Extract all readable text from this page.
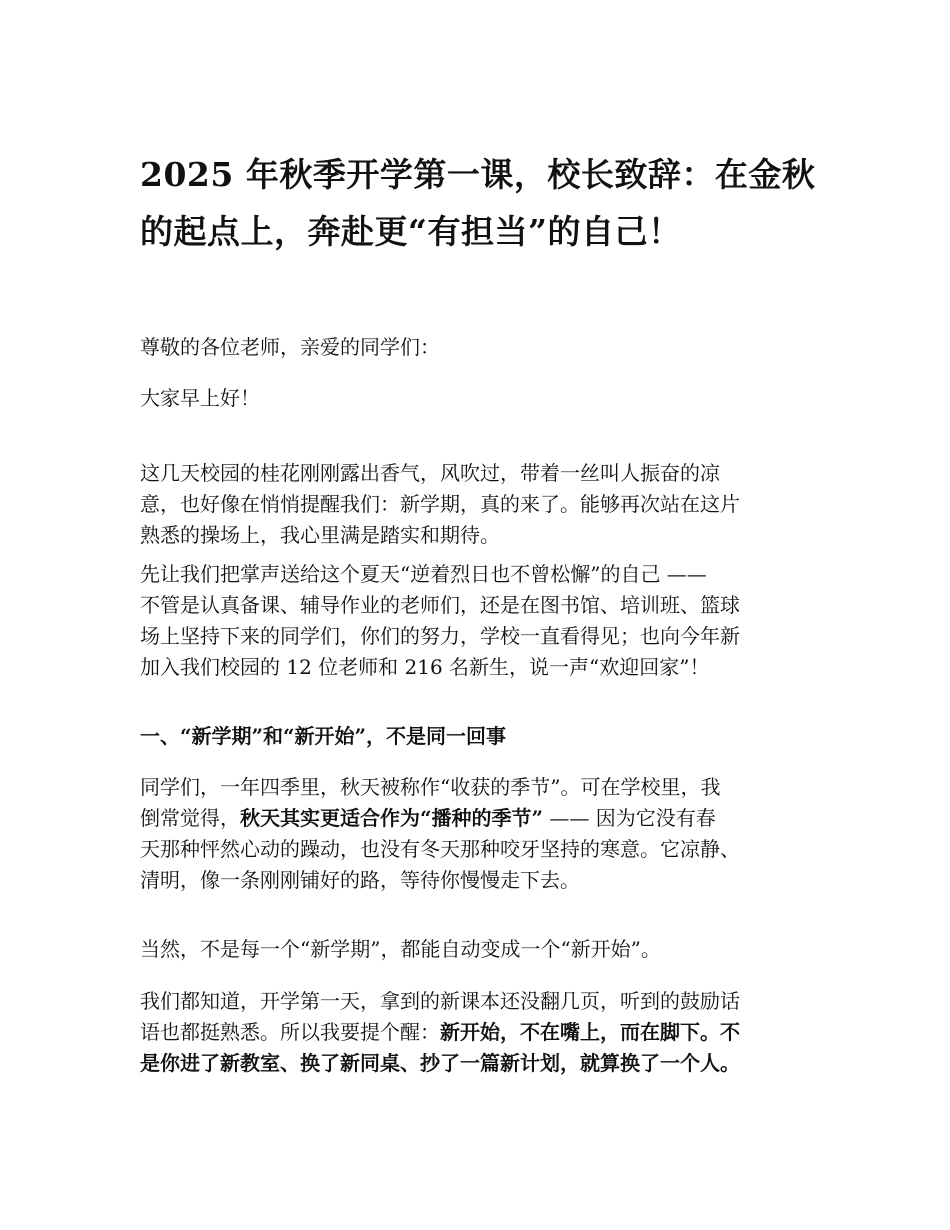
2025 年秋季开学第一课，校长致辞：在金秋
的起点上，奔赴更“有担当”的自己！

尊敬的各位老师，亲爱的同学们：

大家早上好！

这几天校园的桂花刚刚露出香气，风吹过，带着一丝叫人振奋的凉
意，也好像在悄悄提醒我们：新学期，真的来了。能够再次站在这片
熟悉的操场上，我心里满是踏实和期待。

先让我们把掌声送给这个夏天“逆着烈日也不曾松懈”的自己 ——
不管是认真备课、辅导作业的老师们，还是在图书馆、培训班、篮球
场上坚持下来的同学们，你们的努力，学校一直看得见；也向今年新
加入我们校园的 12 位老师和 216 名新生，说一声“欢迎回家”！

一、“新学期”和“新开始”，不是同一回事

同学们，一年四季里，秋天被称作“收获的季节”。可在学校里，我
倒常觉得，秋天其实更适合作为“播种的季节” —— 因为它没有春
天那种怦然心动的躁动，也没有冬天那种咬牙坚持的寒意。它凉静、
清明，像一条刚刚铺好的路，等待你慢慢走下去。

当然，不是每一个“新学期”，都能自动变成一个“新开始”。

我们都知道，开学第一天，拿到的新课本还没翻几页，听到的鼓励话
语也都挺熟悉。所以我要提个醒：新开始，不在嘴上，而在脚下。不
是你进了新教室、换了新同桌、抄了一篇新计划，就算换了一个人。
